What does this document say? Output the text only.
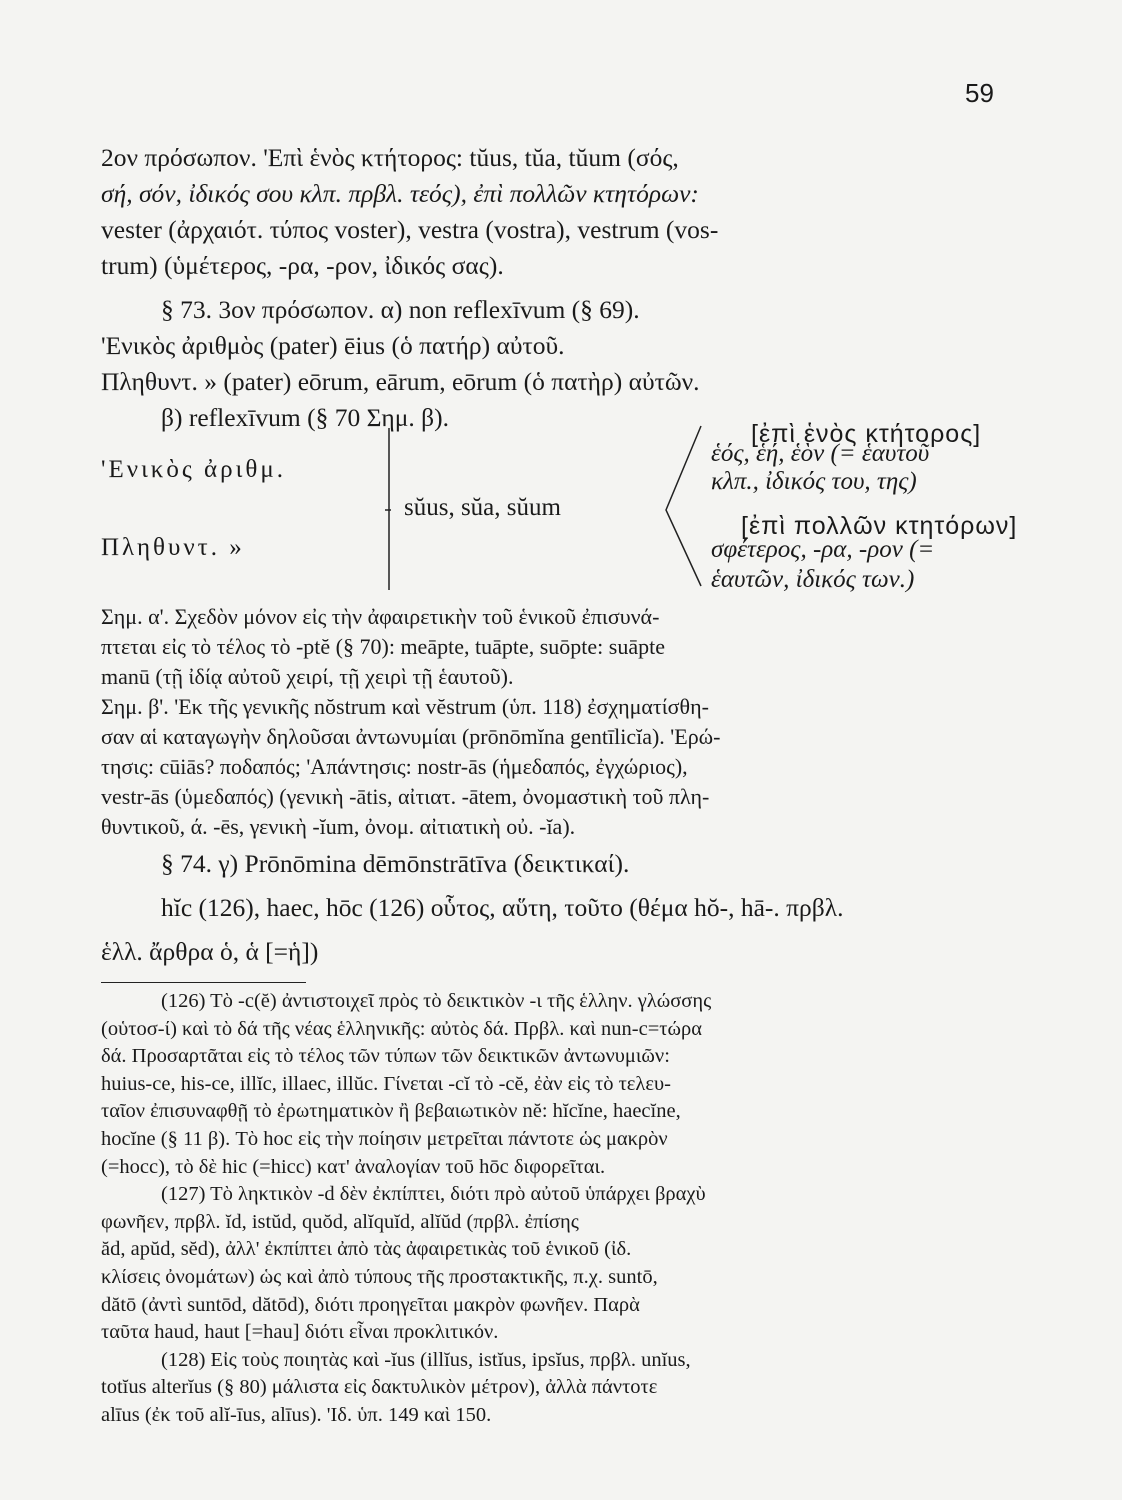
59

2ον πρόσωπον. 'Επὶ ἑνὸς κτήτορος: tŭus, tŭa, tŭum (σός,

σή, σόν, ἰδικός σου κλπ. πρβλ. τεός), ἐπὶ πολλῶν κτητόρων:

vester (ἀρχαιότ. τύπος voster), vestra (vostra), vestrum (vos-

trum) (ὑμέτερος, -ρα, -ρον, ἰδικός σας).

§ 73. 3ον πρόσωπον. α) non reflexīvum (§ 69).

'Ενικὸς ἀριθμὸς (pater) ēius (ὁ πατήρ) αὐτοῦ.

Πληθυντ. » (pater) eōrum, eārum, eōrum (ὁ πατὴρ) αὐτῶν.

β) reflexīvum (§ 70 Σημ. β).

'Ενικὸς ἀριθμ.
Πληθυντ. »
sŭus, sŭa, sŭum
[ἐπὶ ἑνὸς κτήτορος]
ἑός, ἑή, ἑὸν (= ἑαυτοῦ
κλπ., ἰδικός του, της)
[ἐπὶ πολλῶν κτητόρων]
σφέτερος, -ρα, -ρον (=
ἑαυτῶν, ἰδικός των.)

Σημ. α'. Σχεδὸν μόνον εἰς τὴν ἀφαιρετικὴν τοῦ ἑνικοῦ ἐπισυνά-

πτεται εἰς τὸ τέλος τὸ -ptĕ (§ 70): meāpte, tuāpte, suōpte: suāpte

manū (τῇ ἰδίᾳ αὐτοῦ χειρί, τῇ χειρὶ τῇ ἑαυτοῦ).

Σημ. β'. 'Εκ τῆς γενικῆς nŏstrum καὶ vĕstrum (ὑπ. 118) ἐσχηματίσθη-

σαν αἱ καταγωγὴν δηλοῦσαι ἀντωνυμίαι (prōnōmĭna gentīlicĭa). 'Ερώ-

τησις: cūiās? ποδαπός; 'Απάντησις: nostr-ās (ἡμεδαπός, ἐγχώριος),

vestr-ās (ὑμεδαπός) (γενικὴ -ātis, αἰτιατ. -ātem, ὀνομαστικὴ τοῦ πλη-

θυντικοῦ, ά. -ēs, γενικὴ -ĭum, ὀνομ. αἰτιατικὴ οὐ. -ĭa).

§ 74. γ) Prōnōmina dēmōnstrātīva (δεικτικαί).

hĭc (126), haec, hōc (126) οὗτος, αὕτη, τοῦτο (θέμα hŏ-, hā-. πρβλ.

ἑλλ. ἄρθρα ὁ, ἁ [=ἡ])

(126) Τὸ -c(ĕ) ἀντιστοιχεῖ πρὸς τὸ δεικτικὸν -ι τῆς ἑλλην. γλώσσης

(οὑτοσ-ί) καὶ τὸ δά τῆς νέας ἑλληνικῆς: αὐτὸς δά. Πρβλ. καὶ nun-c=τώρα

δά. Προσαρτᾶται εἰς τὸ τέλος τῶν τύπων τῶν δεικτικῶν ἀντωνυμιῶν:

huius-ce, his-ce, illĭc, illaec, illŭc. Γίνεται -cĭ τὸ -cĕ, ἐὰν εἰς τὸ τελευ-

ταῖον ἐπισυναφθῇ τὸ ἐρωτηματικὸν ἢ βεβαιωτικὸν nĕ: hĭcĭne, haecĭne,

hocĭne (§ 11 β). Τὸ hoc εἰς τὴν ποίησιν μετρεῖται πάντοτε ὡς μακρὸν

(=hocc), τὸ δὲ hic (=hicc) κατ' ἀναλογίαν τοῦ hōc διφορεῖται.

(127) Τὸ ληκτικὸν -d δὲν ἐκπίπτει, διότι πρὸ αὐτοῦ ὑπάρχει βραχὺ

φωνῆεν, πρβλ. ĭd, istŭd, quŏd, alĭquĭd, alĭŭd (πρβλ. ἐπίσης

ăd, apŭd, sĕd), ἀλλ' ἐκπίπτει ἀπὸ τὰς ἀφαιρετικὰς τοῦ ἑνικοῦ (ἰδ.

κλίσεις ὀνομάτων) ὡς καὶ ἀπὸ τύπους τῆς προστακτικῆς, π.χ. suntō,

dătō (ἀντὶ suntōd, dătōd), διότι προηγεῖται μακρὸν φωνῆεν. Παρὰ

ταῦτα haud, haut [=hau] διότι εἶναι προκλιτικόν.

(128) Εἰς τοὺς ποιητὰς καὶ -ĭus (illĭus, istĭus, ipsĭus, πρβλ. unĭus,

totĭus alterĭus (§ 80) μάλιστα εἰς δακτυλικὸν μέτρον), ἀλλὰ πάντοτε

alīus (ἐκ τοῦ alĭ-īus, alīus). 'Ιδ. ὑπ. 149 καὶ 150.
